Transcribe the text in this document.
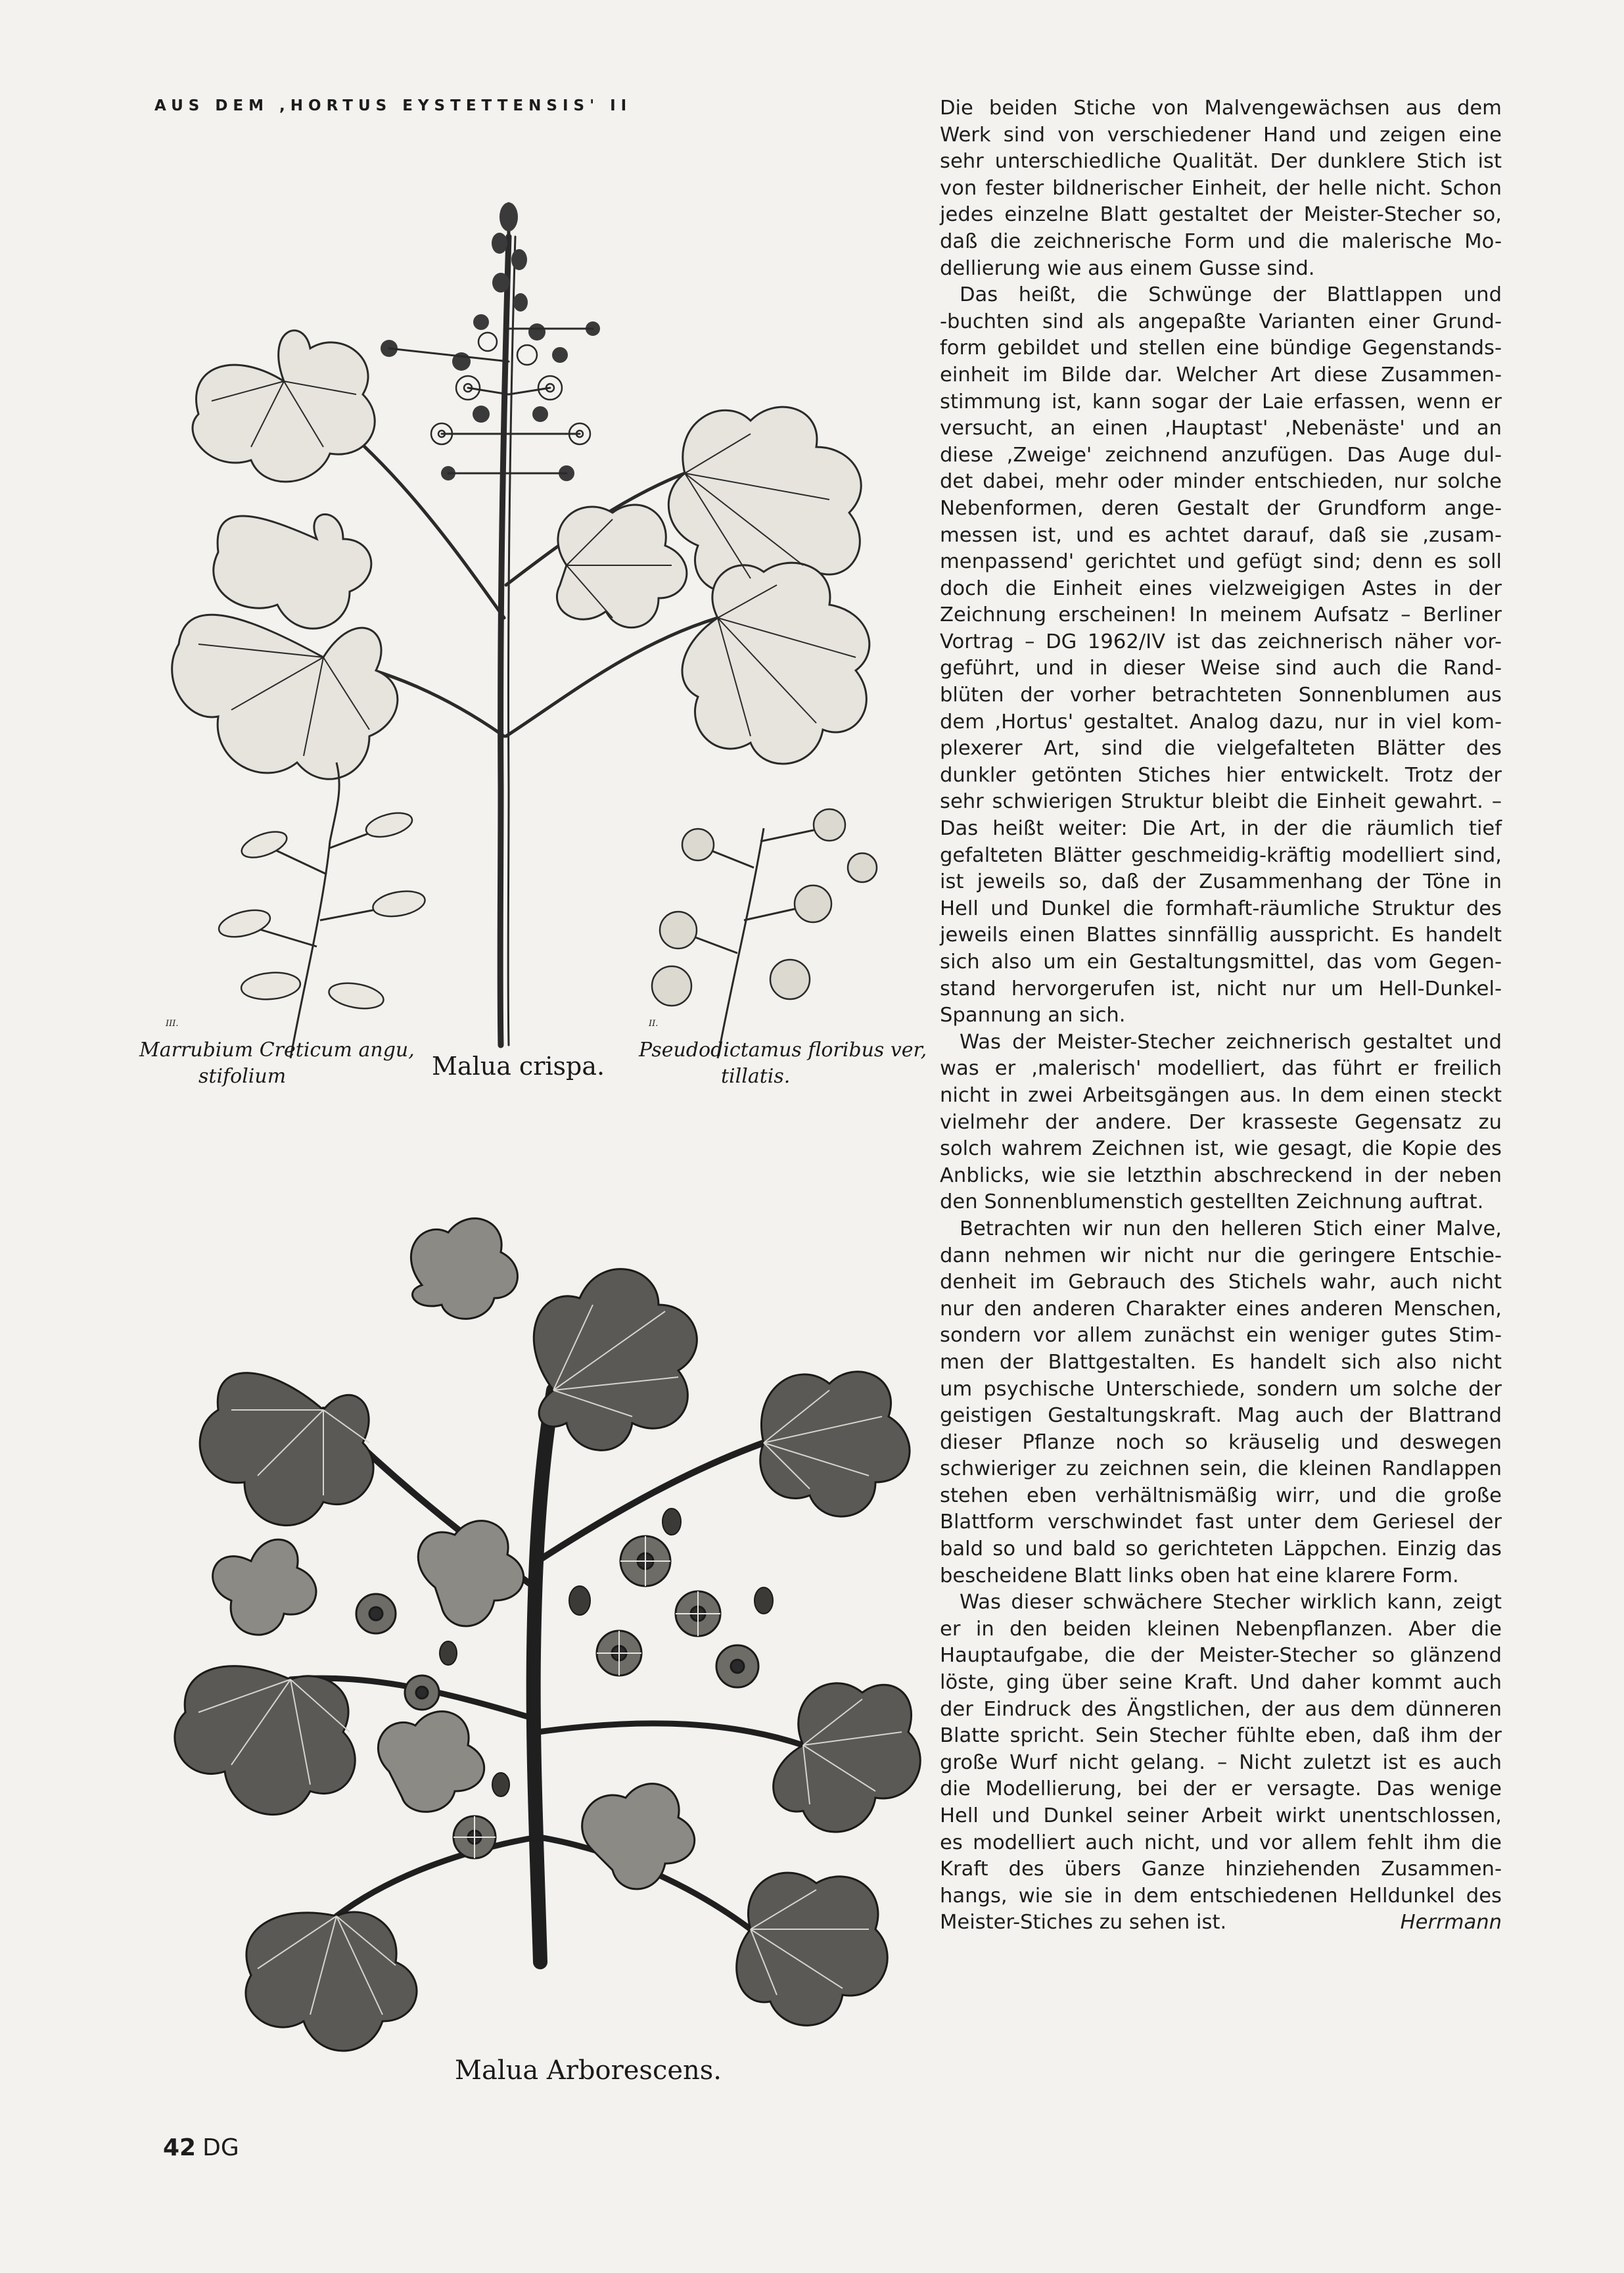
AUS DEM ,HORTUS EYSTETTENSIS' II
III.
Marrubium Creticum angu,
stifolium	Malua crispa.
II.
Pseudodictamus floribus ver,
tillatis.
Malua Arborescens.

Die beiden Stiche von Malvengewächsen aus dem
Werk sind von verschiedener Hand und zeigen eine
sehr unterschiedliche Qualität. Der dunklere Stich ist
von fester bildnerischer Einheit, der helle nicht. Schon
jedes einzelne Blatt gestaltet der Meister-Stecher so,
daß die zeichnerische Form und die malerische Mo-
dellierung wie aus einem Gusse sind.

Das heißt, die Schwünge der Blattlappen und
-buchten sind als angepaßte Varianten einer Grund-
form gebildet und stellen eine bündige Gegenstands-
einheit im Bilde dar. Welcher Art diese Zusammen-
stimmung ist, kann sogar der Laie erfassen, wenn er
versucht, an einen ,Hauptast' ,Nebenäste' und an
diese ,Zweige' zeichnend anzufügen. Das Auge dul-
det dabei, mehr oder minder entschieden, nur solche
Nebenformen, deren Gestalt der Grundform ange-
messen ist, und es achtet darauf, daß sie ,zusam-
menpassend' gerichtet und gefügt sind; denn es soll
doch die Einheit eines vielzweigigen Astes in der
Zeichnung erscheinen! In meinem Aufsatz – Berliner
Vortrag – DG 1962/IV ist das zeichnerisch näher vor-
geführt, und in dieser Weise sind auch die Rand-
blüten der vorher betrachteten Sonnenblumen aus
dem ,Hortus' gestaltet. Analog dazu, nur in viel kom-
plexerer Art, sind die vielgefalteten Blätter des
dunkler getönten Stiches hier entwickelt. Trotz der
sehr schwierigen Struktur bleibt die Einheit gewahrt. –
Das heißt weiter: Die Art, in der die räumlich tief
gefalteten Blätter geschmeidig-kräftig modelliert sind,
ist jeweils so, daß der Zusammenhang der Töne in
Hell und Dunkel die formhaft-räumliche Struktur des
jeweils einen Blattes sinnfällig ausspricht. Es handelt
sich also um ein Gestaltungsmittel, das vom Gegen-
stand hervorgerufen ist, nicht nur um Hell-Dunkel-
Spannung an sich.

Was der Meister-Stecher zeichnerisch gestaltet und
was er ,malerisch' modelliert, das führt er freilich
nicht in zwei Arbeitsgängen aus. In dem einen steckt
vielmehr der andere. Der krasseste Gegensatz zu
solch wahrem Zeichnen ist, wie gesagt, die Kopie des
Anblicks, wie sie letzthin abschreckend in der neben
den Sonnenblumenstich gestellten Zeichnung auftrat.

Betrachten wir nun den helleren Stich einer Malve,
dann nehmen wir nicht nur die geringere Entschie-
denheit im Gebrauch des Stichels wahr, auch nicht
nur den anderen Charakter eines anderen Menschen,
sondern vor allem zunächst ein weniger gutes Stim-
men der Blattgestalten. Es handelt sich also nicht
um psychische Unterschiede, sondern um solche der
geistigen Gestaltungskraft. Mag auch der Blattrand
dieser Pflanze noch so kräuselig und deswegen
schwieriger zu zeichnen sein, die kleinen Randlappen
stehen eben verhältnismäßig wirr, und die große
Blattform verschwindet fast unter dem Geriesel der
bald so und bald so gerichteten Läppchen. Einzig das
bescheidene Blatt links oben hat eine klarere Form.

Was dieser schwächere Stecher wirklich kann, zeigt
er in den beiden kleinen Nebenpflanzen. Aber die
Hauptaufgabe, die der Meister-Stecher so glänzend
löste, ging über seine Kraft. Und daher kommt auch
der Eindruck des Ängstlichen, der aus dem dünneren
Blatte spricht. Sein Stecher fühlte eben, daß ihm der
große Wurf nicht gelang. – Nicht zuletzt ist es auch
die Modellierung, bei der er versagte. Das wenige
Hell und Dunkel seiner Arbeit wirkt unentschlossen,
es modelliert auch nicht, und vor allem fehlt ihm die
Kraft des übers Ganze hinziehenden Zusammen-
hangs, wie sie in dem entschiedenen Helldunkel des
Meister-Stiches zu sehen ist.	Herrmann

42 DG
